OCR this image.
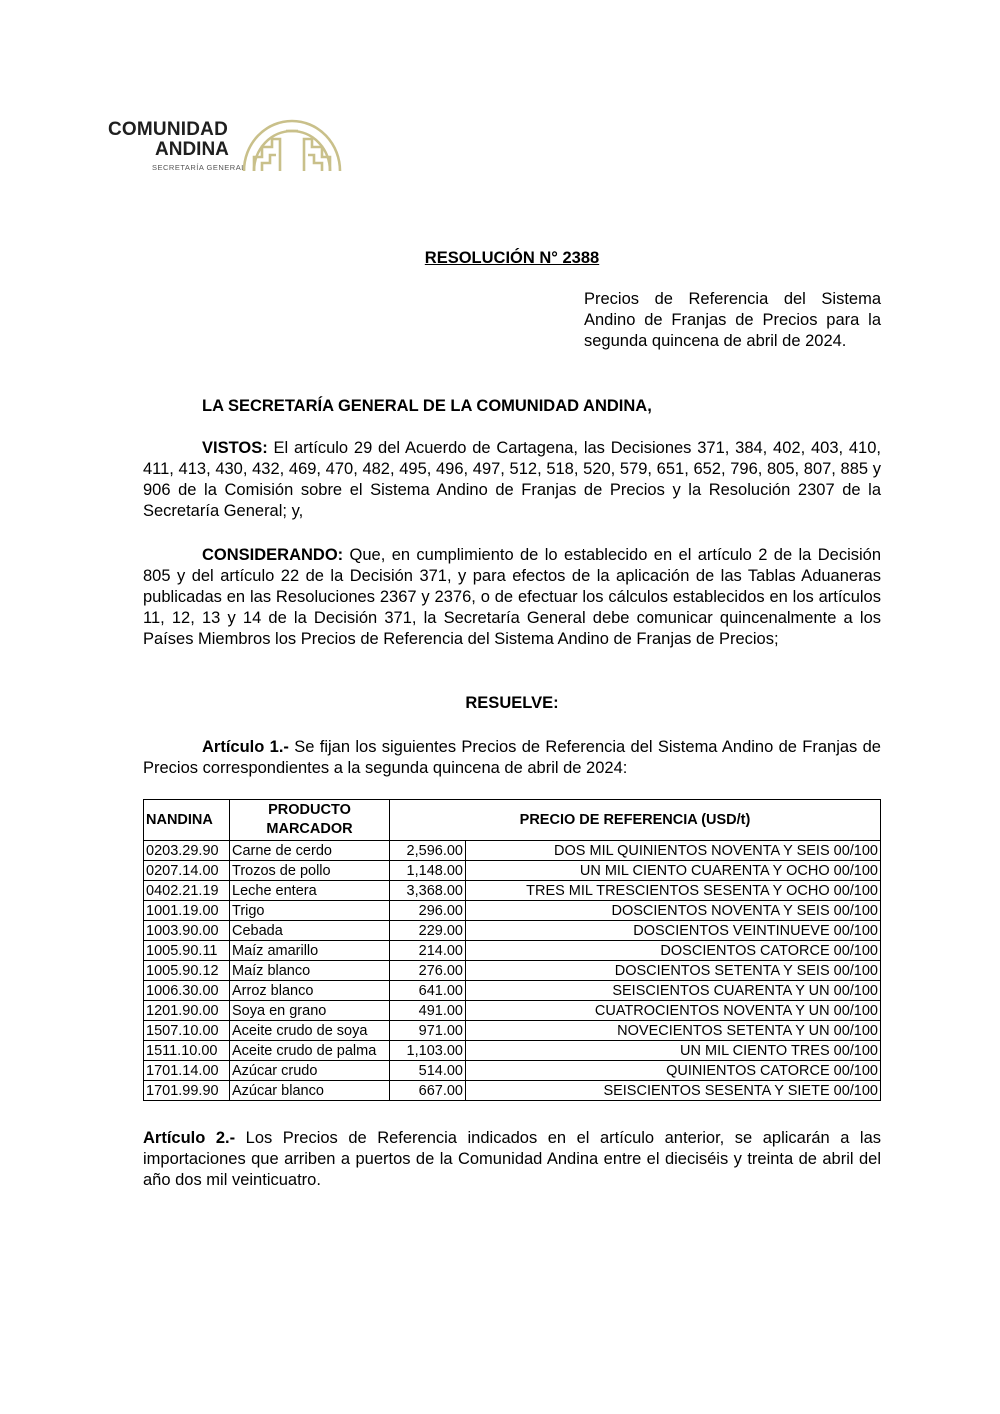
COMUNIDAD
ANDINA
SECRETARÍA GENERAL
RESOLUCIÓN N° 2388
Precios de Referencia del Sistema Andino de Franjas de Precios para la segunda quincena de abril de 2024.
LA SECRETARÍA GENERAL DE LA COMUNIDAD ANDINA,
VISTOS: El artículo 29 del Acuerdo de Cartagena, las Decisiones 371, 384, 402, 403, 410, 411, 413, 430, 432, 469, 470, 482, 495, 496, 497, 512, 518, 520, 579, 651, 652, 796, 805, 807, 885 y 906 de la Comisión sobre el Sistema Andino de Franjas de Precios y la Resolución 2307 de la Secretaría General; y,
CONSIDERANDO: Que, en cumplimiento de lo establecido en el artículo 2 de la Decisión 805 y del artículo 22 de la Decisión 371, y para efectos de la aplicación de las Tablas Aduaneras publicadas en las Resoluciones 2367 y 2376, o de efectuar los cálculos establecidos en los artículos 11, 12, 13 y 14 de la Decisión 371, la Secretaría General debe comunicar quincenalmente a los Países Miembros los Precios de Referencia del Sistema Andino de Franjas de Precios;
RESUELVE:
Artículo 1.- Se fijan los siguientes Precios de Referencia del Sistema Andino de Franjas de Precios correspondientes a la segunda quincena de abril de 2024:
NANDINA	PRODUCTO MARCADOR	PRECIO DE REFERENCIA (USD/t)	
0203.29.90	Carne de cerdo	2,596.00	DOS MIL QUINIENTOS NOVENTA Y SEIS 00/100
0207.14.00	Trozos de pollo	1,148.00	UN MIL CIENTO CUARENTA Y OCHO 00/100
0402.21.19	Leche entera	3,368.00	TRES MIL TRESCIENTOS SESENTA Y OCHO 00/100
1001.19.00	Trigo	296.00	DOSCIENTOS NOVENTA Y SEIS 00/100
1003.90.00	Cebada	229.00	DOSCIENTOS VEINTINUEVE 00/100
1005.90.11	Maíz amarillo	214.00	DOSCIENTOS CATORCE 00/100
1005.90.12	Maíz blanco	276.00	DOSCIENTOS SETENTA Y SEIS 00/100
1006.30.00	Arroz blanco	641.00	SEISCIENTOS CUARENTA Y UN 00/100
1201.90.00	Soya en grano	491.00	CUATROCIENTOS NOVENTA Y UN 00/100
1507.10.00	Aceite crudo de soya	971.00	NOVECIENTOS SETENTA Y UN 00/100
1511.10.00	Aceite crudo de palma	1,103.00	UN MIL CIENTO TRES 00/100
1701.14.00	Azúcar crudo	514.00	QUINIENTOS CATORCE 00/100
1701.99.90	Azúcar blanco	667.00	SEISCIENTOS SESENTA Y SIETE 00/100
Artículo 2.- Los Precios de Referencia indicados en el artículo anterior, se aplicarán a las importaciones que arriben a puertos de la Comunidad Andina entre el dieciséis y treinta de abril del año dos mil veinticuatro.
